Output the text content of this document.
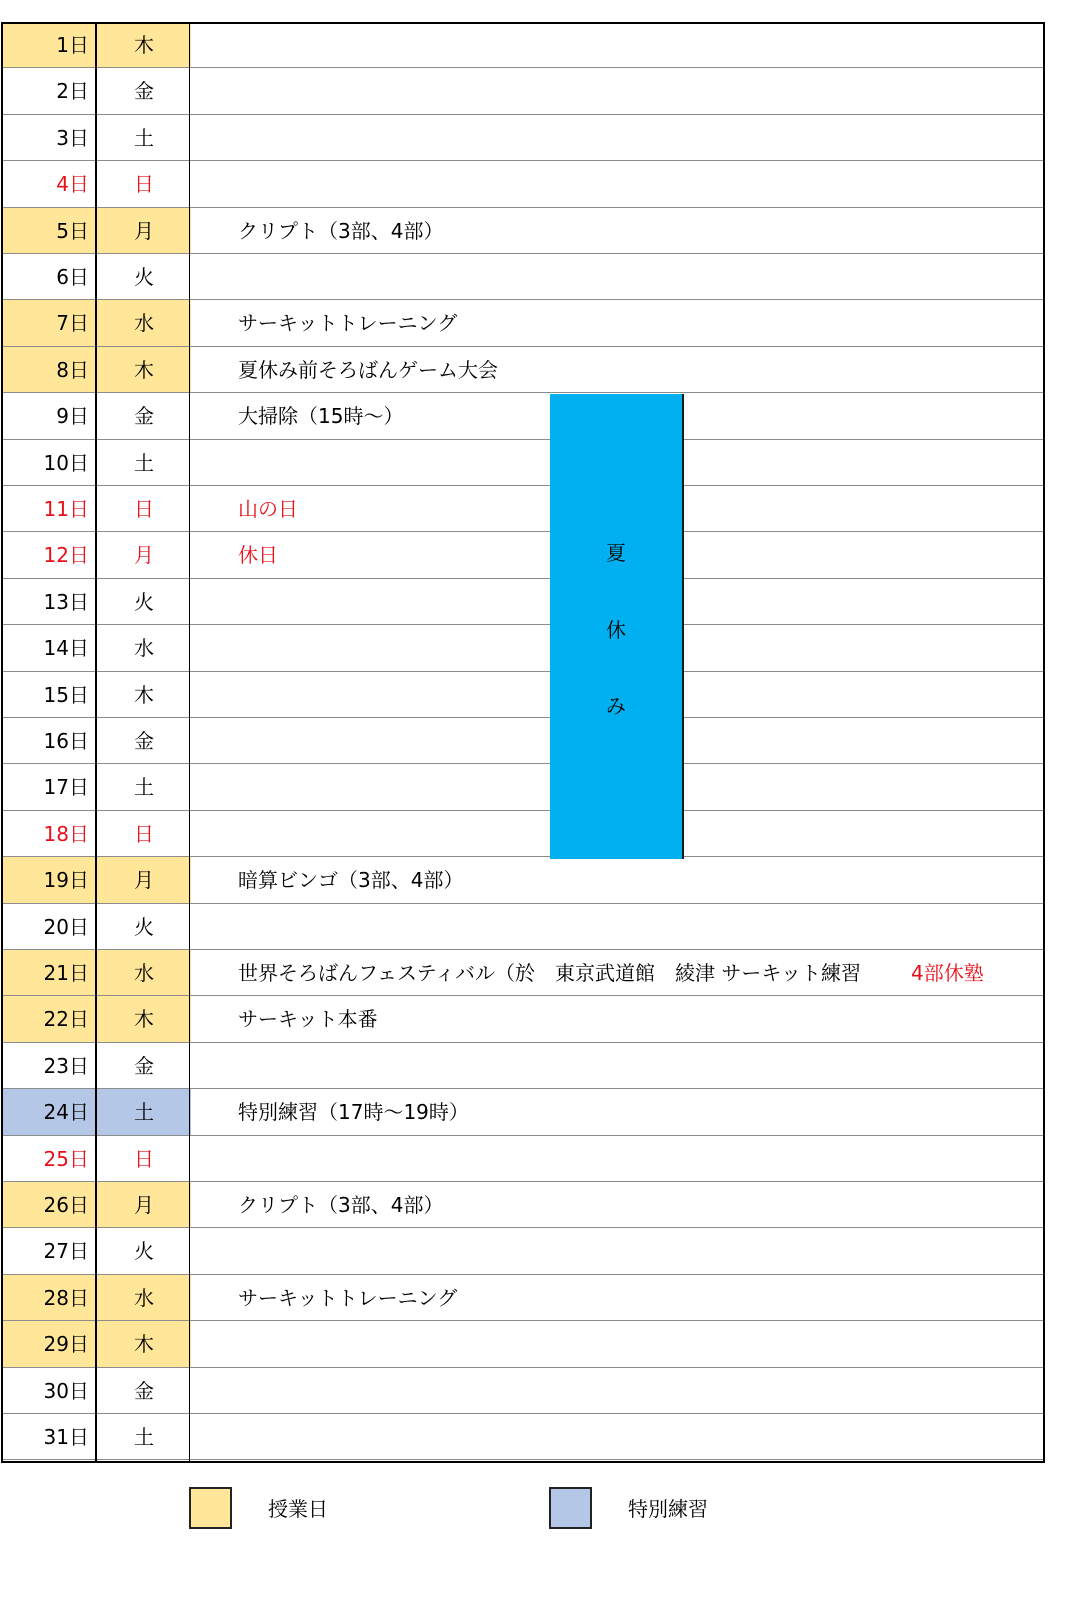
1日	木
2日	金
3日	土
4日	日
5日	月	クリプト（3部、4部）
6日	火
7日	水	サーキットトレーニング
8日	木	夏休み前そろばんゲーム大会
9日	金	大掃除（15時～）
10日	土
11日	日	山の日
12日	月	休日
13日	火
14日	水
15日	木
16日	金
17日	土
18日	日
19日	月	暗算ビンゴ（3部、4部）
20日	火
21日	水	世界そろばんフェスティバル（於　東京武道館　綾津 サーキット練習	4部休塾
22日	木	サーキット本番
23日	金
24日	土	特別練習（17時～19時）
25日	日
26日	月	クリプト（3部、4部）
27日	火
28日	水	サーキットトレーニング
29日	木
30日	金
31日	土
夏
休
み
授業日	特別練習
